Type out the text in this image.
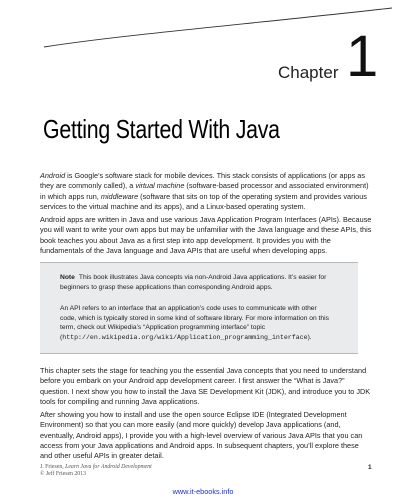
Chapter 1
Getting Started With Java

Android is Google’s software stack for mobile devices. This stack consists of applications (or apps as they are commonly called), a virtual machine (software-based processor and associated environment) in which apps run, middleware (software that sits on top of the operating system and provides various services to the virtual machine and its apps), and a Linux-based operating system.

Android apps are written in Java and use various Java Application Program Interfaces (APIs). Because you will want to write your own apps but may be unfamiliar with the Java language and these APIs, this book teaches you about Java as a first step into app development. It provides you with the fundamentals of the Java language and Java APIs that are useful when developing apps.

Note This book illustrates Java concepts via non-Android Java applications. It’s easier for beginners to grasp these applications than corresponding Android apps.

An API refers to an interface that an application’s code uses to communicate with other code, which is typically stored in some kind of software library. For more information on this term, check out Wikipedia’s “Application programming interface” topic (http://en.wikipedia.org/wiki/Application_programming_interface).

This chapter sets the stage for teaching you the essential Java concepts that you need to understand before you embark on your Android app development career. I first answer the “What is Java?” question. I next show you how to install the Java SE Development Kit (JDK), and introduce you to JDK tools for compiling and running Java applications.

After showing you how to install and use the open source Eclipse IDE (Integrated Development Environment) so that you can more easily (and more quickly) develop Java applications (and, eventually, Android apps), I provide you with a high-level overview of various Java APIs that you can access from your Java applications and Android apps. In subsequent chapters, you’ll explore these and other useful APIs in greater detail.

J. Friesen, Learn Java for Android Development
© Jeff Friesen 2013
1
www.it-ebooks.info
